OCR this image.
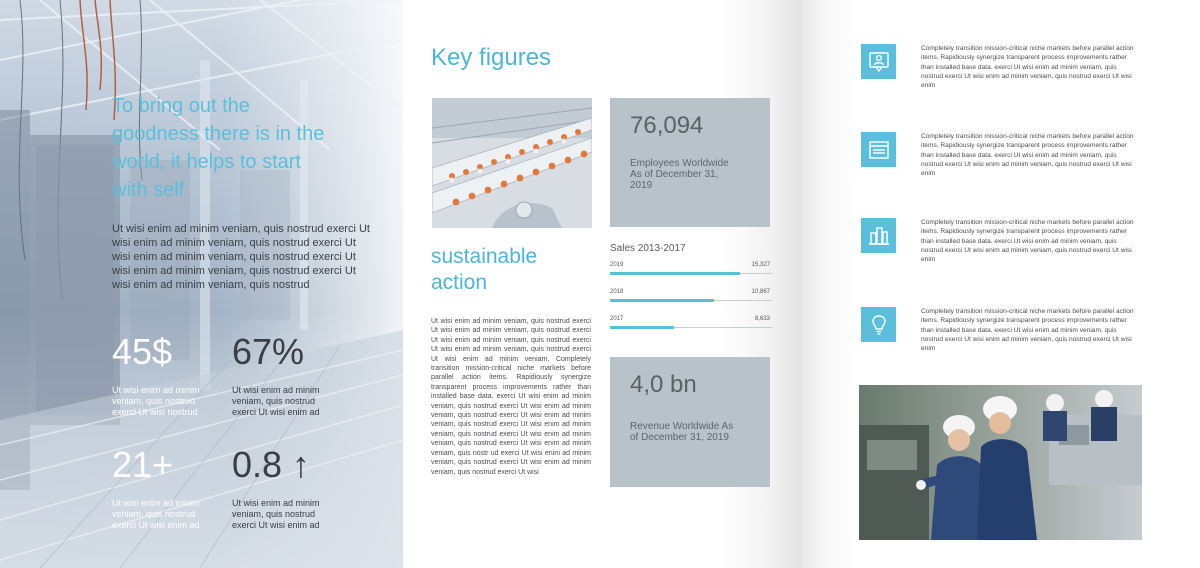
To bring out the goodness there is in the world, it helps to start with self
Ut wisi enim ad minim veniam, quis nostrud exerci Ut wisi enim ad minim veniam, quis nostrud exerci Ut wisi enim ad minim veniam, quis nostrud exerci Ut wisi enim ad minim veniam, quis nostrud exerci Ut wisi enim ad minim veniam, quis nostrud
45$
Ut wisi enim ad minim veniam, quis nostrud exerci Ut wisi nostrud
67%
Ut wisi enim ad minim veniam, quis nostrud exerci Ut wisi enim ad
21+
Ut wisi enim ad minim veniam, quis nostrud exerci Ut wisi enim ad
0.8 ↑
Ut wisi enim ad minim veniam, quis nostrud exerci Ut wisi enim ad
Key figures
sustainable action
Ut wisi enim ad minim veniam, quis nostrud exerci Ut wisi enim ad minim veniam, quis nostrud exerci Ut wisi enim ad minim veniam, quis nostrud exerci Ut wisi enim ad minim veniam, quis nostrud exerci Ut wisi enim ad minim veniam, Completely transition mission-critical niche markets before parallel action items. Rapidiously synergize transparent process improvements rather than installed base data. exerci Ut wisi enim ad minim veniam, quis nostrud exerci Ut wisi enim ad minim veniam, quis nostrud exerci Ut wisi enim ad minim veniam, quis nostrud exerci Ut wisi enim ad minim veniam, quis nostrud exerci Ut wisi enim ad minim veniam, quis nostrud exerci Ut wisi enim ad minim veniam, quis nostr ud exerci Ut wisi enim ad minim veniam, quis nostrud exerci Ut wisi enim ad minim veniam, quis nostrud exerci Ut wisi
76,094
Employees Worldwide As of December 31, 2019
Sales 2013-2017
2019	15,327
2018	10,867
2017	8,633
4,0 bn
Revenue Worldwide As of December 31, 2019
Completely transition mission-critical niche markets before parallel action items. Rapidiously synergize transparent process improvements rather than installed base data. exerci Ut wisi enim ad minim veniam, quis nostrud exerci Ut wisi enim ad minim veniam, quis nostrud exerci Ut wisi enim
Completely transition mission-critical niche markets before parallel action items. Rapidiously synergize transparent process improvements rather than installed base data. exerci Ut wisi enim ad minim veniam, quis nostrud exerci Ut wisi enim ad minim veniam, quis nostrud exerci Ut wisi enim
Completely transition mission-critical niche markets before parallel action items. Rapidiously synergize transparent process improvements rather than installed base data. exerci Ut wisi enim ad minim veniam, quis nostrud exerci Ut wisi enim ad minim veniam, quis nostrud exerci Ut wisi enim
Completely transition mission-critical niche markets before parallel action items. Rapidiously synergize transparent process improvements rather than installed base data. exerci Ut wisi enim ad minim veniam, quis nostrud exerci Ut wisi enim ad minim veniam, quis nostrud exerci Ut wisi enim
